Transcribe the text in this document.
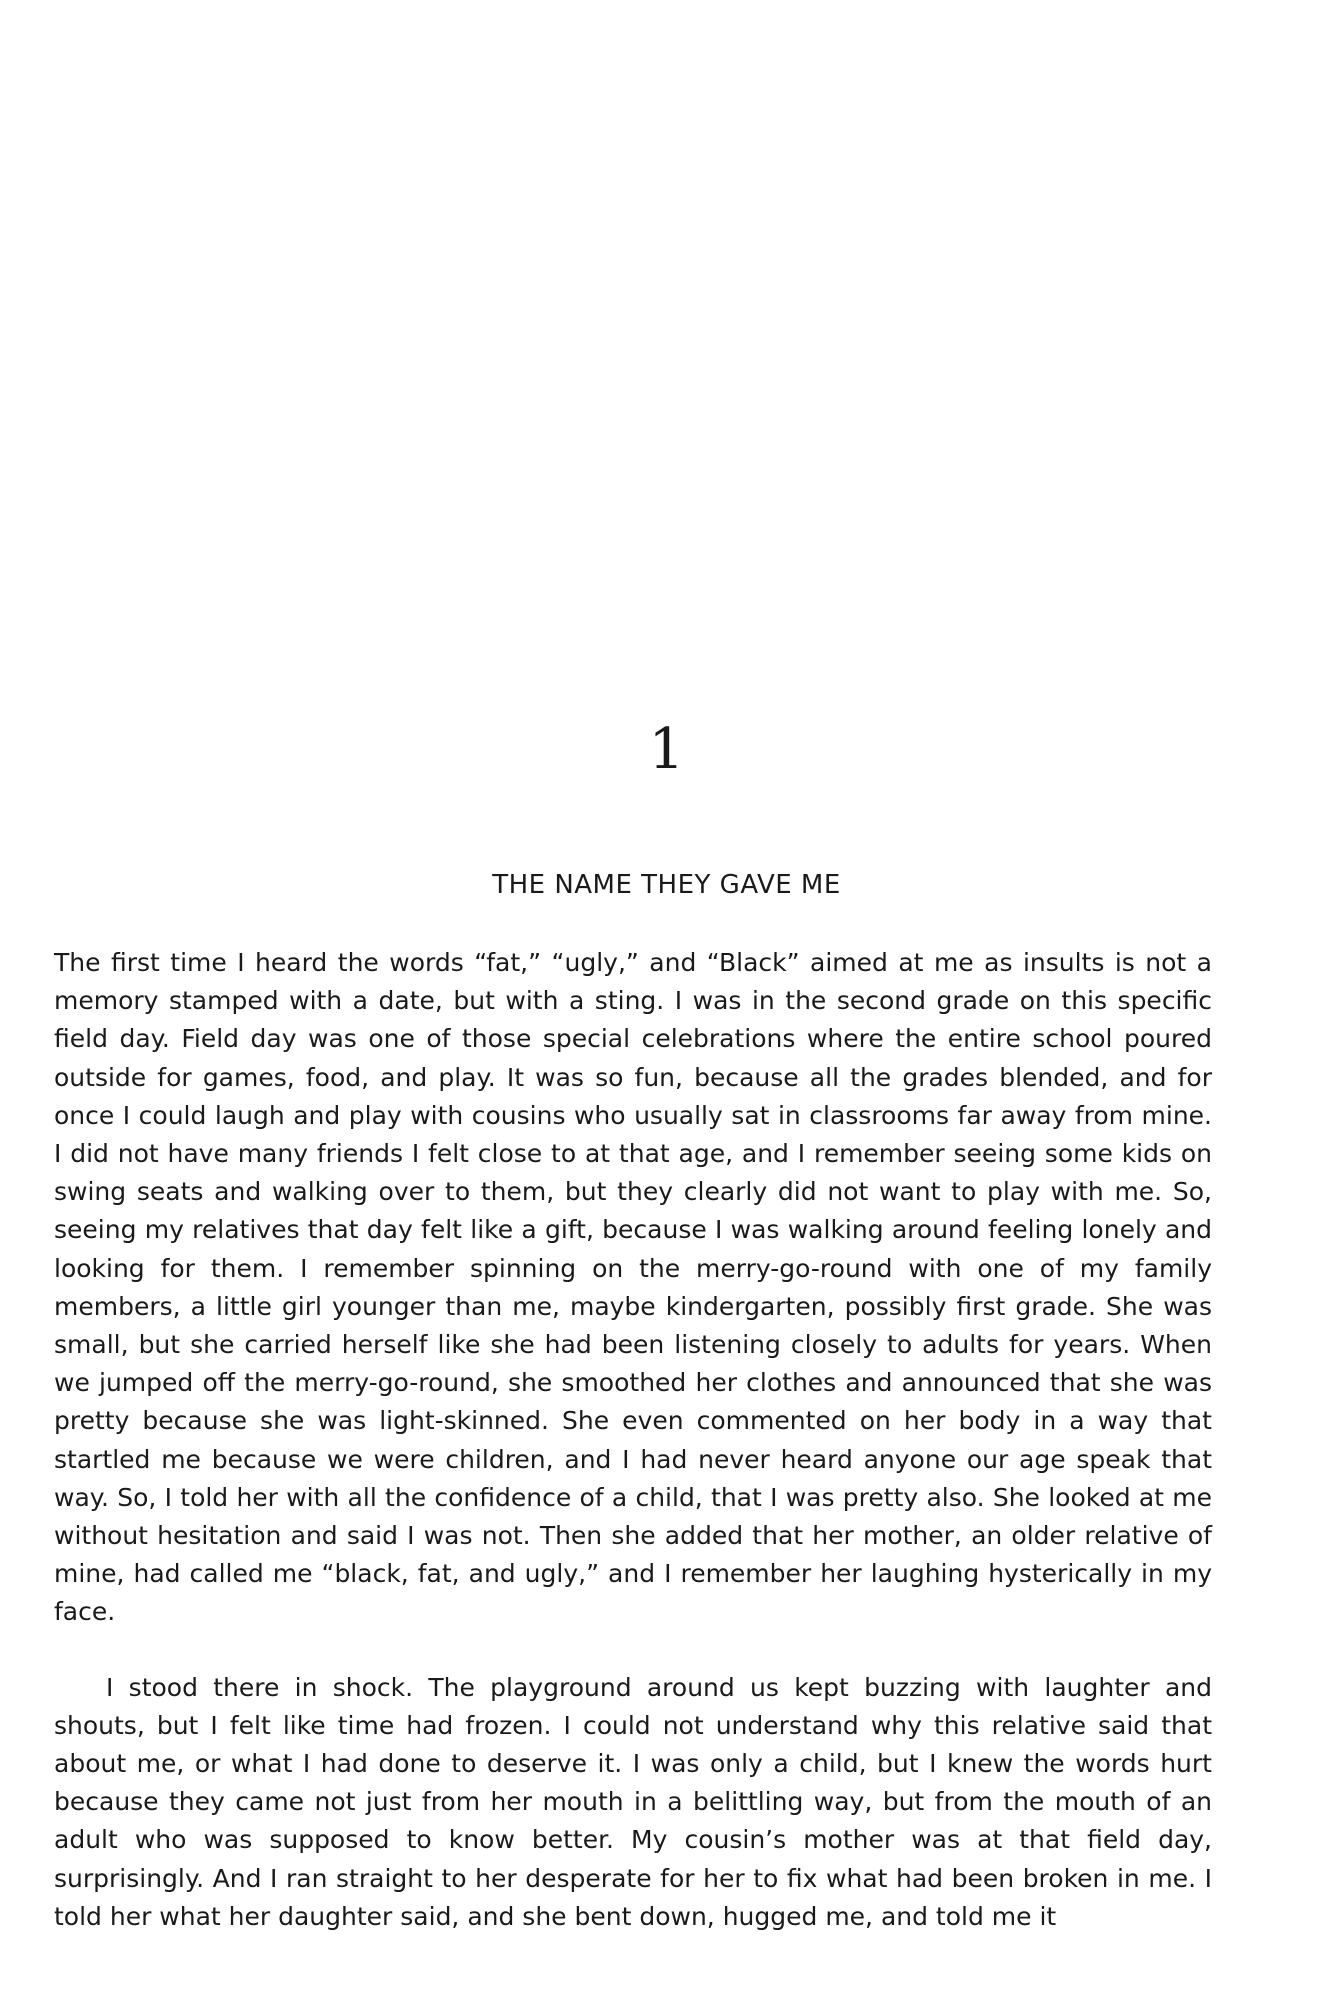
1
THE NAME THEY GAVE ME

The first time I heard the words “fat,” “ugly,” and “Black” aimed at me as insults is not a memory stamped with a date, but with a sting. I was in the second grade on this specific field day. Field day was one of those special celebrations where the entire school poured outside for games, food, and play. It was so fun, because all the grades blended, and for once I could laugh and play with cousins who usually sat in classrooms far away from mine. I did not have many friends I felt close to at that age, and I remember seeing some kids on swing seats and walking over to them, but they clearly did not want to play with me. So, seeing my relatives that day felt like a gift, because I was walking around feeling lonely and looking for them. I remember spinning on the merry-go-round with one of my family members, a little girl younger than me, maybe kindergarten, possibly first grade. She was small, but she carried herself like she had been listening closely to adults for years. When we jumped off the merry-go-round, she smoothed her clothes and announced that she was pretty because she was light-skinned. She even commented on her body in a way that startled me because we were children, and I had never heard anyone our age speak that way. So, I told her with all the confidence of a child, that I was pretty also. She looked at me without hesitation and said I was not. Then she added that her mother, an older relative of mine, had called me “black, fat, and ugly,” and I remember her laughing hysterically in my face.

I stood there in shock. The playground around us kept buzzing with laughter and shouts, but I felt like time had frozen. I could not understand why this relative said that about me, or what I had done to deserve it. I was only a child, but I knew the words hurt because they came not just from her mouth in a belittling way, but from the mouth of an adult who was supposed to know better. My cousin’s mother was at that field day, surprisingly. And I ran straight to her desperate for her to fix what had been broken in me. I told her what her daughter said, and she bent down, hugged me, and told me it
